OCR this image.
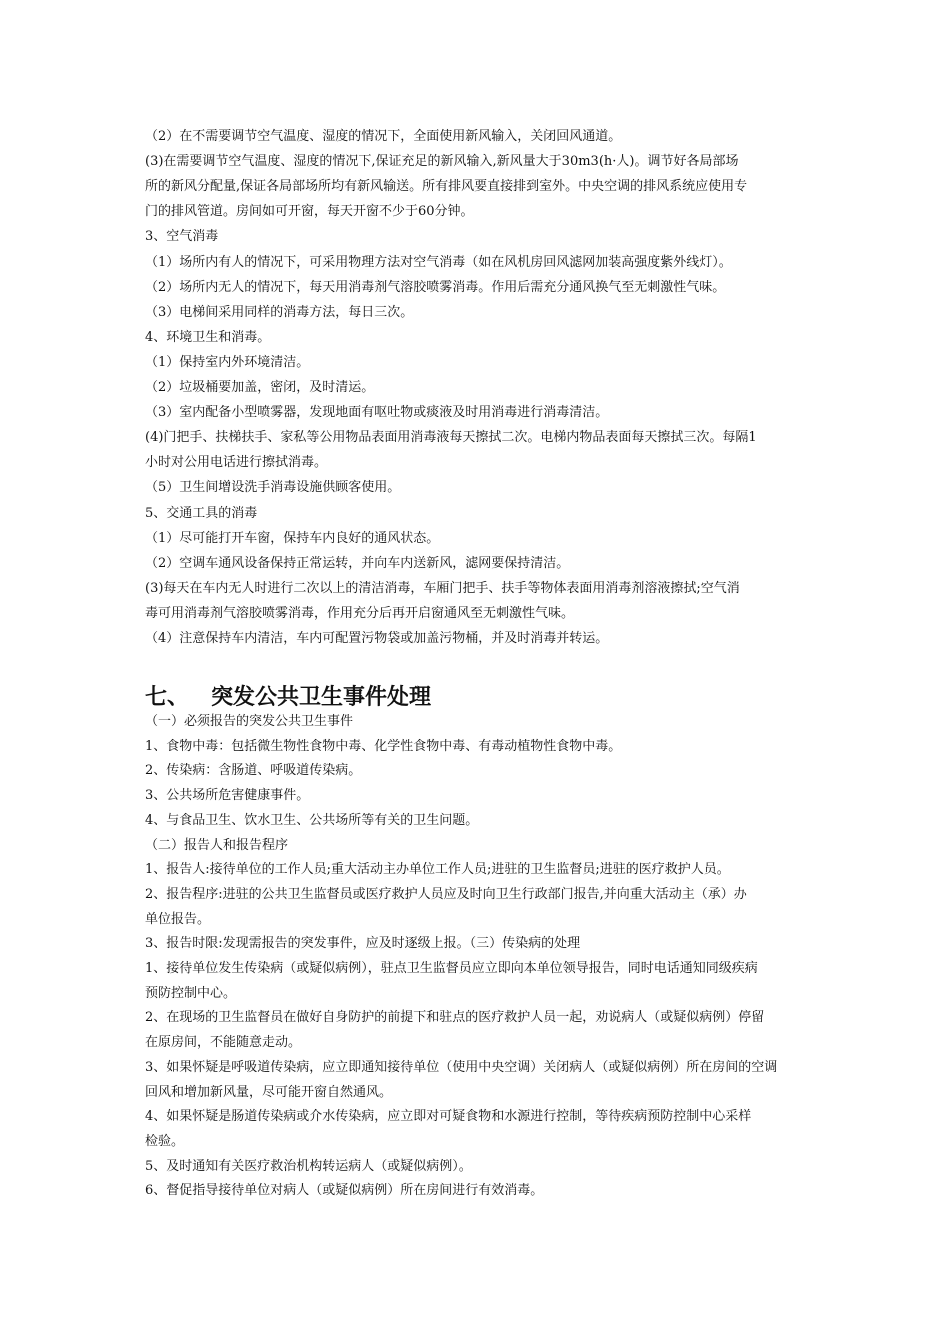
（2）在不需要调节空气温度、湿度的情况下，全面使用新风输入，关闭回风通道。
(3)在需要调节空气温度、湿度的情况下,保证充足的新风输入,新风量大于30m3(h·人)。调节好各局部场
所的新风分配量,保证各局部场所均有新风输送。所有排风要直接排到室外。中央空调的排风系统应使用专
门的排风管道。房间如可开窗，每天开窗不少于60分钟。
3、空气消毒
（1）场所内有人的情况下，可采用物理方法对空气消毒（如在风机房回风滤网加装高强度紫外线灯）。
（2）场所内无人的情况下，每天用消毒剂气溶胶喷雾消毒。作用后需充分通风换气至无刺激性气味。
（3）电梯间采用同样的消毒方法，每日三次。
4、环境卫生和消毒。
（1）保持室内外环境清洁。
（2）垃圾桶要加盖，密闭，及时清运。
（3）室内配备小型喷雾器，发现地面有呕吐物或痰液及时用消毒进行消毒清洁。
(4)门把手、扶梯扶手、家私等公用物品表面用消毒液每天擦拭二次。电梯内物品表面每天擦拭三次。每隔1
小时对公用电话进行擦拭消毒。
（5）卫生间增设洗手消毒设施供顾客使用。
5、交通工具的消毒
（1）尽可能打开车窗，保持车内良好的通风状态。
（2）空调车通风设备保持正常运转，并向车内送新风，滤网要保持清洁。
(3)每天在车内无人时进行二次以上的清洁消毒，车厢门把手、扶手等物体表面用消毒剂溶液擦拭;空气消
毒可用消毒剂气溶胶喷雾消毒，作用充分后再开启窗通风至无刺激性气味。
（4）注意保持车内清洁，车内可配置污物袋或加盖污物桶，并及时消毒并转运。
七、 突发公共卫生事件处理
（一）必须报告的突发公共卫生事件
1、食物中毒：包括微生物性食物中毒、化学性食物中毒、有毒动植物性食物中毒。
2、传染病：含肠道、呼吸道传染病。
3、公共场所危害健康事件。
4、与食品卫生、饮水卫生、公共场所等有关的卫生问题。
（二）报告人和报告程序
1、报告人:接待单位的工作人员;重大活动主办单位工作人员;进驻的卫生监督员;进驻的医疗救护人员。
2、报告程序:进驻的公共卫生监督员或医疗救护人员应及时向卫生行政部门报告,并向重大活动主（承）办
单位报告。
3、报告时限:发现需报告的突发事件，应及时逐级上报。（三）传染病的处理
1、接待单位发生传染病（或疑似病例），驻点卫生监督员应立即向本单位领导报告，同时电话通知同级疾病
预防控制中心。
2、在现场的卫生监督员在做好自身防护的前提下和驻点的医疗救护人员一起，劝说病人（或疑似病例）停留
在原房间，不能随意走动。
3、如果怀疑是呼吸道传染病，应立即通知接待单位（使用中央空调）关闭病人（或疑似病例）所在房间的空调
回风和增加新风量，尽可能开窗自然通风。
4、如果怀疑是肠道传染病或介水传染病，应立即对可疑食物和水源进行控制，等待疾病预防控制中心采样
检验。
5、及时通知有关医疗救治机构转运病人（或疑似病例）。
6、督促指导接待单位对病人（或疑似病例）所在房间进行有效消毒。
